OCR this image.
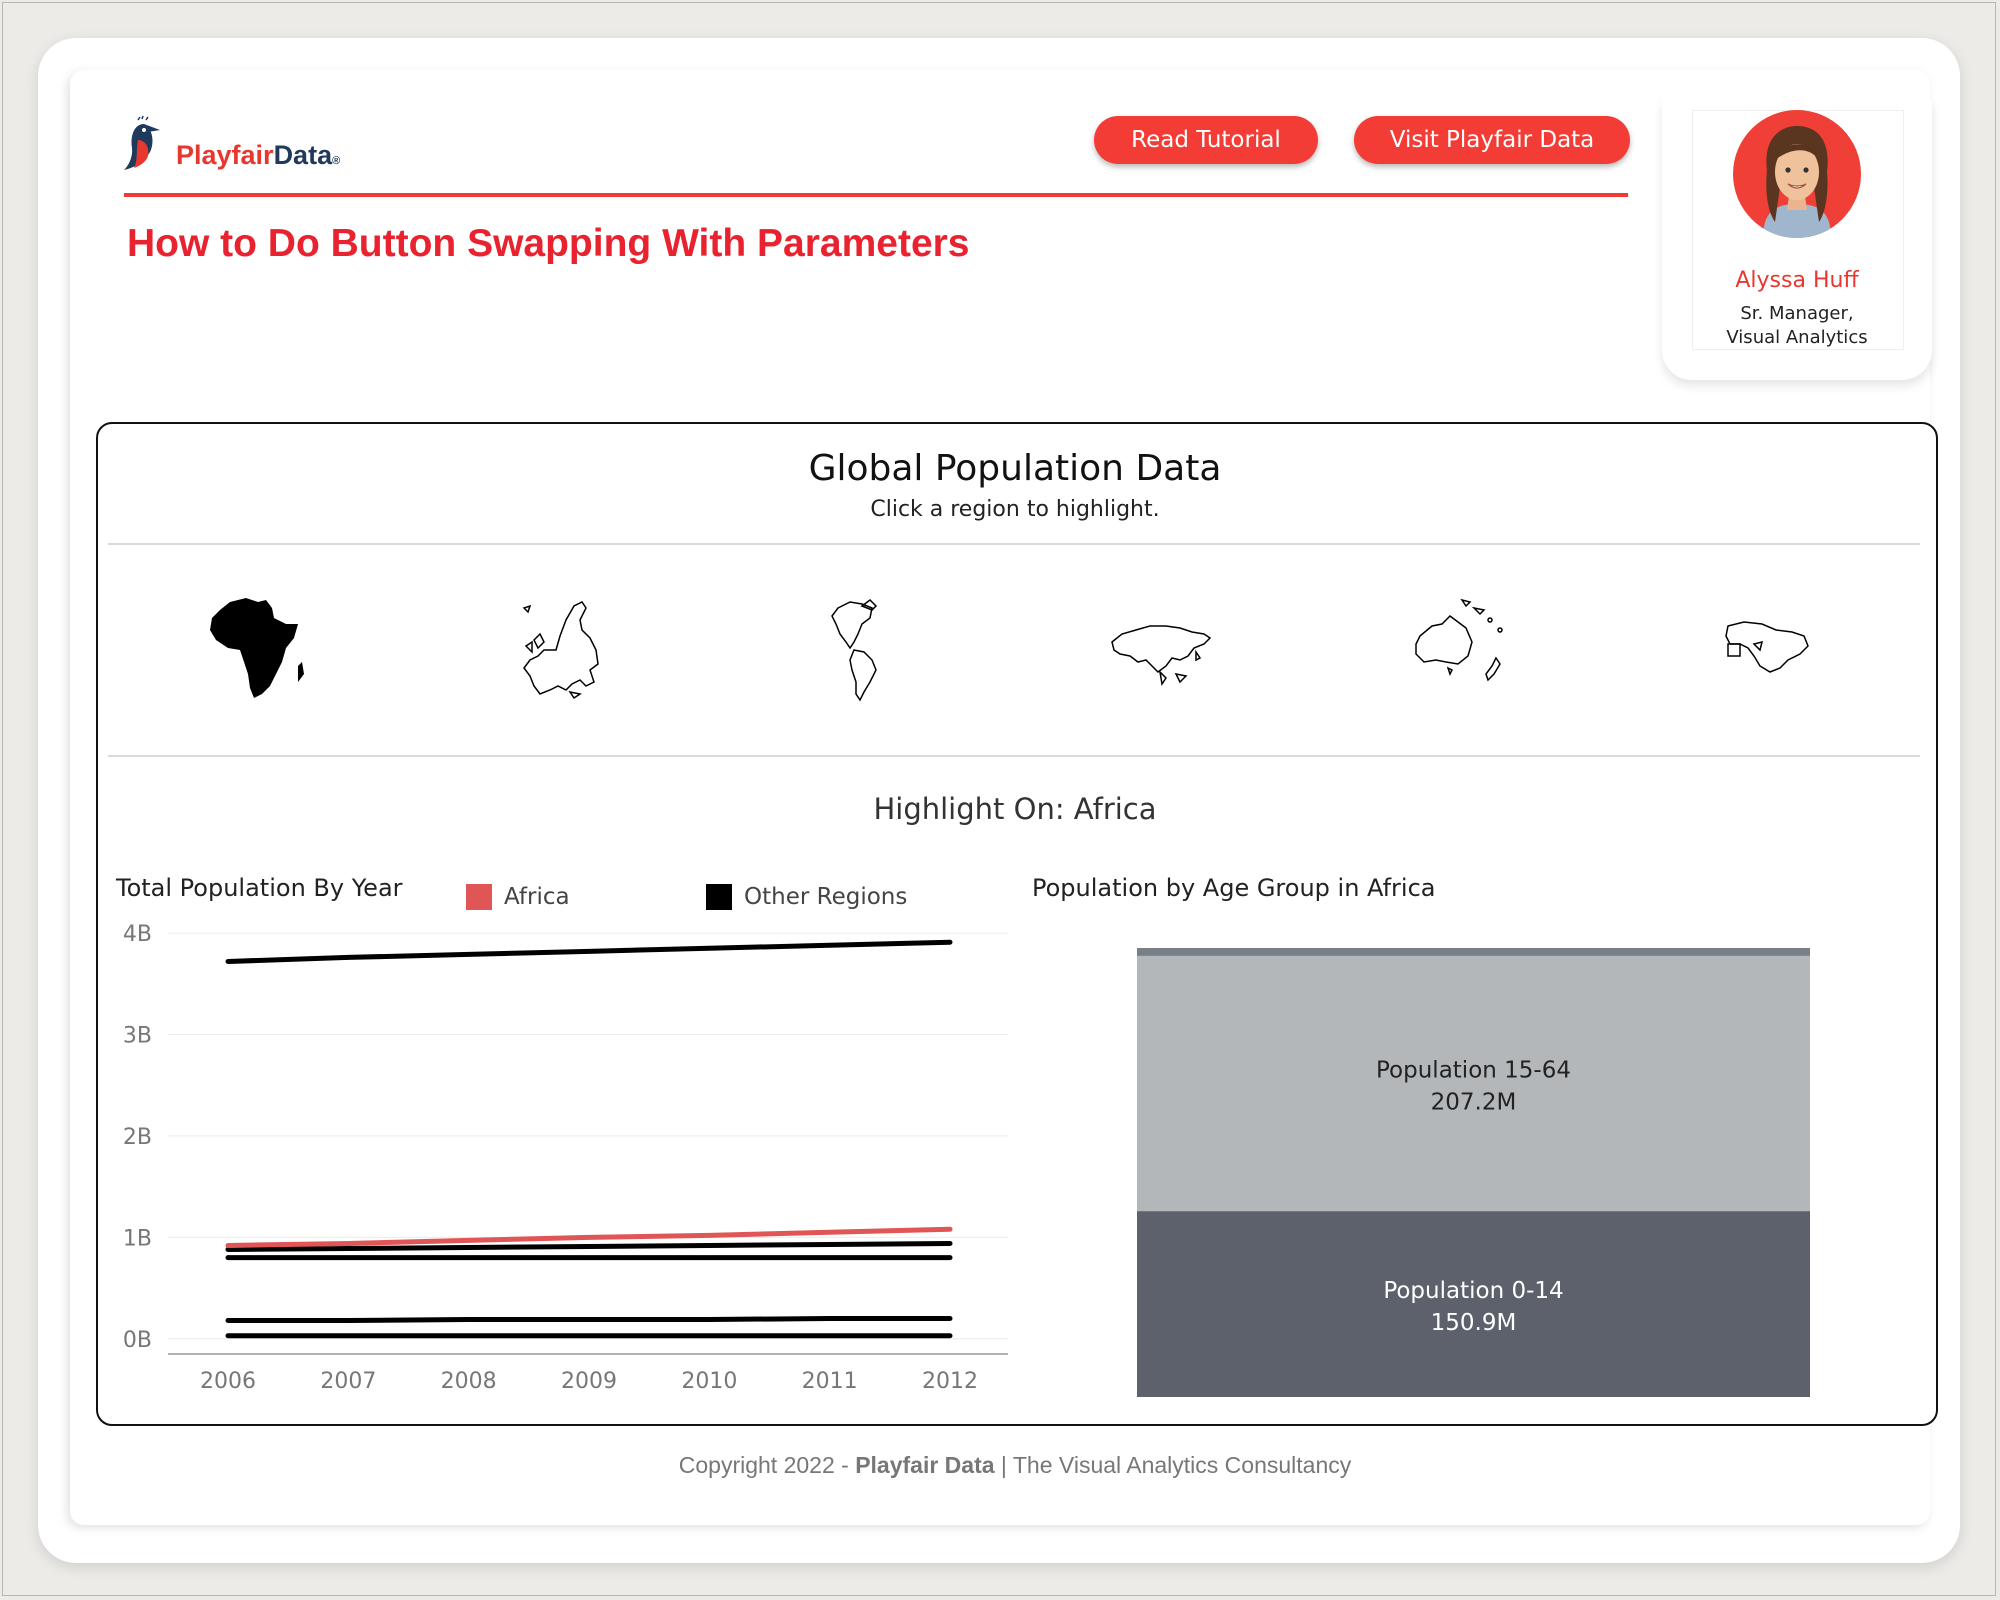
PlayfairData®
Read Tutorial	Visit Playfair Data
How to Do Button Swapping With Parameters
Alyssa Huff
Sr. Manager,
Visual Analytics
Global Population Data
Click a region to highlight.
Highlight On: Africa
Total Population By Year	Africa	Other Regions
0B
1B
2B
3B
4B
2006	2007	2008	2009	2010	2011	2012
Population by Age Group in Africa
Population 0-14
150.9M
Population 15-64
207.2M
Copyright 2022 - Playfair Data | The Visual Analytics Consultancy
